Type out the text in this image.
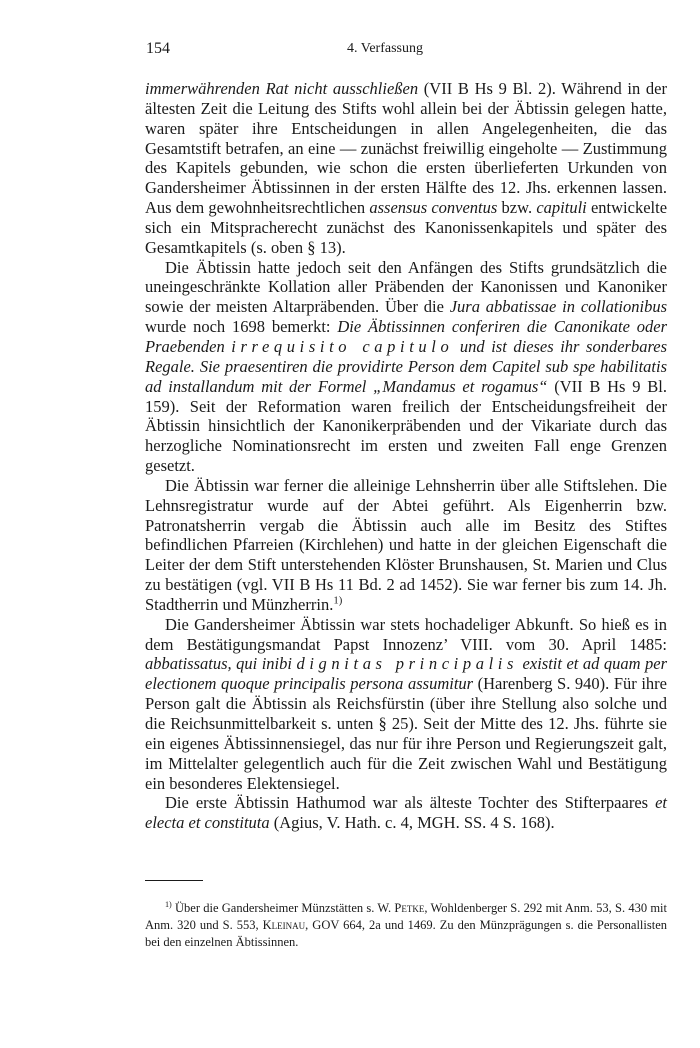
154	4. Verfassung

immerwährenden Rat nicht ausschließen (VII B Hs 9 Bl. 2). Während in der ältesten Zeit die Leitung des Stifts wohl allein bei der Äbtissin gelegen hatte, waren später ihre Entscheidungen in allen Angelegenheiten, die das Gesamtstift betrafen, an eine — zunächst freiwillig eingeholte — Zustimmung des Kapitels gebunden, wie schon die ersten überlieferten Urkunden von Gandersheimer Äbtissinnen in der ersten Hälfte des 12. Jhs. erkennen lassen. Aus dem gewohnheitsrechtlichen assensus conventus bzw. capituli entwickelte sich ein Mitspracherecht zunächst des Kanonissenkapitels und später des Gesamtkapitels (s. oben § 13).

Die Äbtissin hatte jedoch seit den Anfängen des Stifts grundsätzlich die uneingeschränkte Kollation aller Präbenden der Kanonissen und Kanoniker sowie der meisten Altarpräbenden. Über die Jura abbatissae in collationibus wurde noch 1698 bemerkt: Die Äbtissinnen conferiren die Canonikate oder Praebenden irrequisito capitulo und ist dieses ihr sonderbares Regale. Sie praesentiren die providirte Person dem Capitel sub spe habilitatis ad installandum mit der Formel „Mandamus et rogamus“ (VII B Hs 9 Bl. 159). Seit der Reformation waren freilich der Entscheidungsfreiheit der Äbtissin hinsichtlich der Kanonikerpräbenden und der Vikariate durch das herzogliche Nominationsrecht im ersten und zweiten Fall enge Grenzen gesetzt.

Die Äbtissin war ferner die alleinige Lehnsherrin über alle Stiftslehen. Die Lehnsregistratur wurde auf der Abtei geführt. Als Eigenherrin bzw. Patronatsherrin vergab die Äbtissin auch alle im Besitz des Stiftes befindlichen Pfarreien (Kirchlehen) und hatte in der gleichen Eigenschaft die Leiter der dem Stift unterstehenden Klöster Brunshausen, St. Marien und Clus zu bestätigen (vgl. VII B Hs 11 Bd. 2 ad 1452). Sie war ferner bis zum 14. Jh. Stadtherrin und Münzherrin.$^{1)}$

Die Gandersheimer Äbtissin war stets hochadeliger Abkunft. So hieß es in dem Bestätigungsmandat Papst Innozenz’ VIII. vom 30. April 1485: abbatissatus, qui inibi dignitas principalis existit et ad quam per electionem quoque principalis persona assumitur (Harenberg S. 940). Für ihre Person galt die Äbtissin als Reichsfürstin (über ihre Stellung also solche und die Reichsunmittelbarkeit s. unten § 25). Seit der Mitte des 12. Jhs. führte sie ein eigenes Äbtissinnensiegel, das nur für ihre Person und Regierungszeit galt, im Mittelalter gelegentlich auch für die Zeit zwischen Wahl und Bestätigung ein besonderes Elektensiegel.

Die erste Äbtissin Hathumod war als älteste Tochter des Stifterpaares et electa et constituta (Agius, V. Hath. c. 4, MGH. SS. 4 S. 168).

$^{1)}$ Über die Gandersheimer Münzstätten s. W. Petke, Wohldenberger S. 292 mit Anm. 53, S. 430 mit Anm. 320 und S. 553, Kleinau, GOV 664, 2a und 1469. Zu den Münzprägungen s. die Personallisten bei den einzelnen Äbtissinnen.
